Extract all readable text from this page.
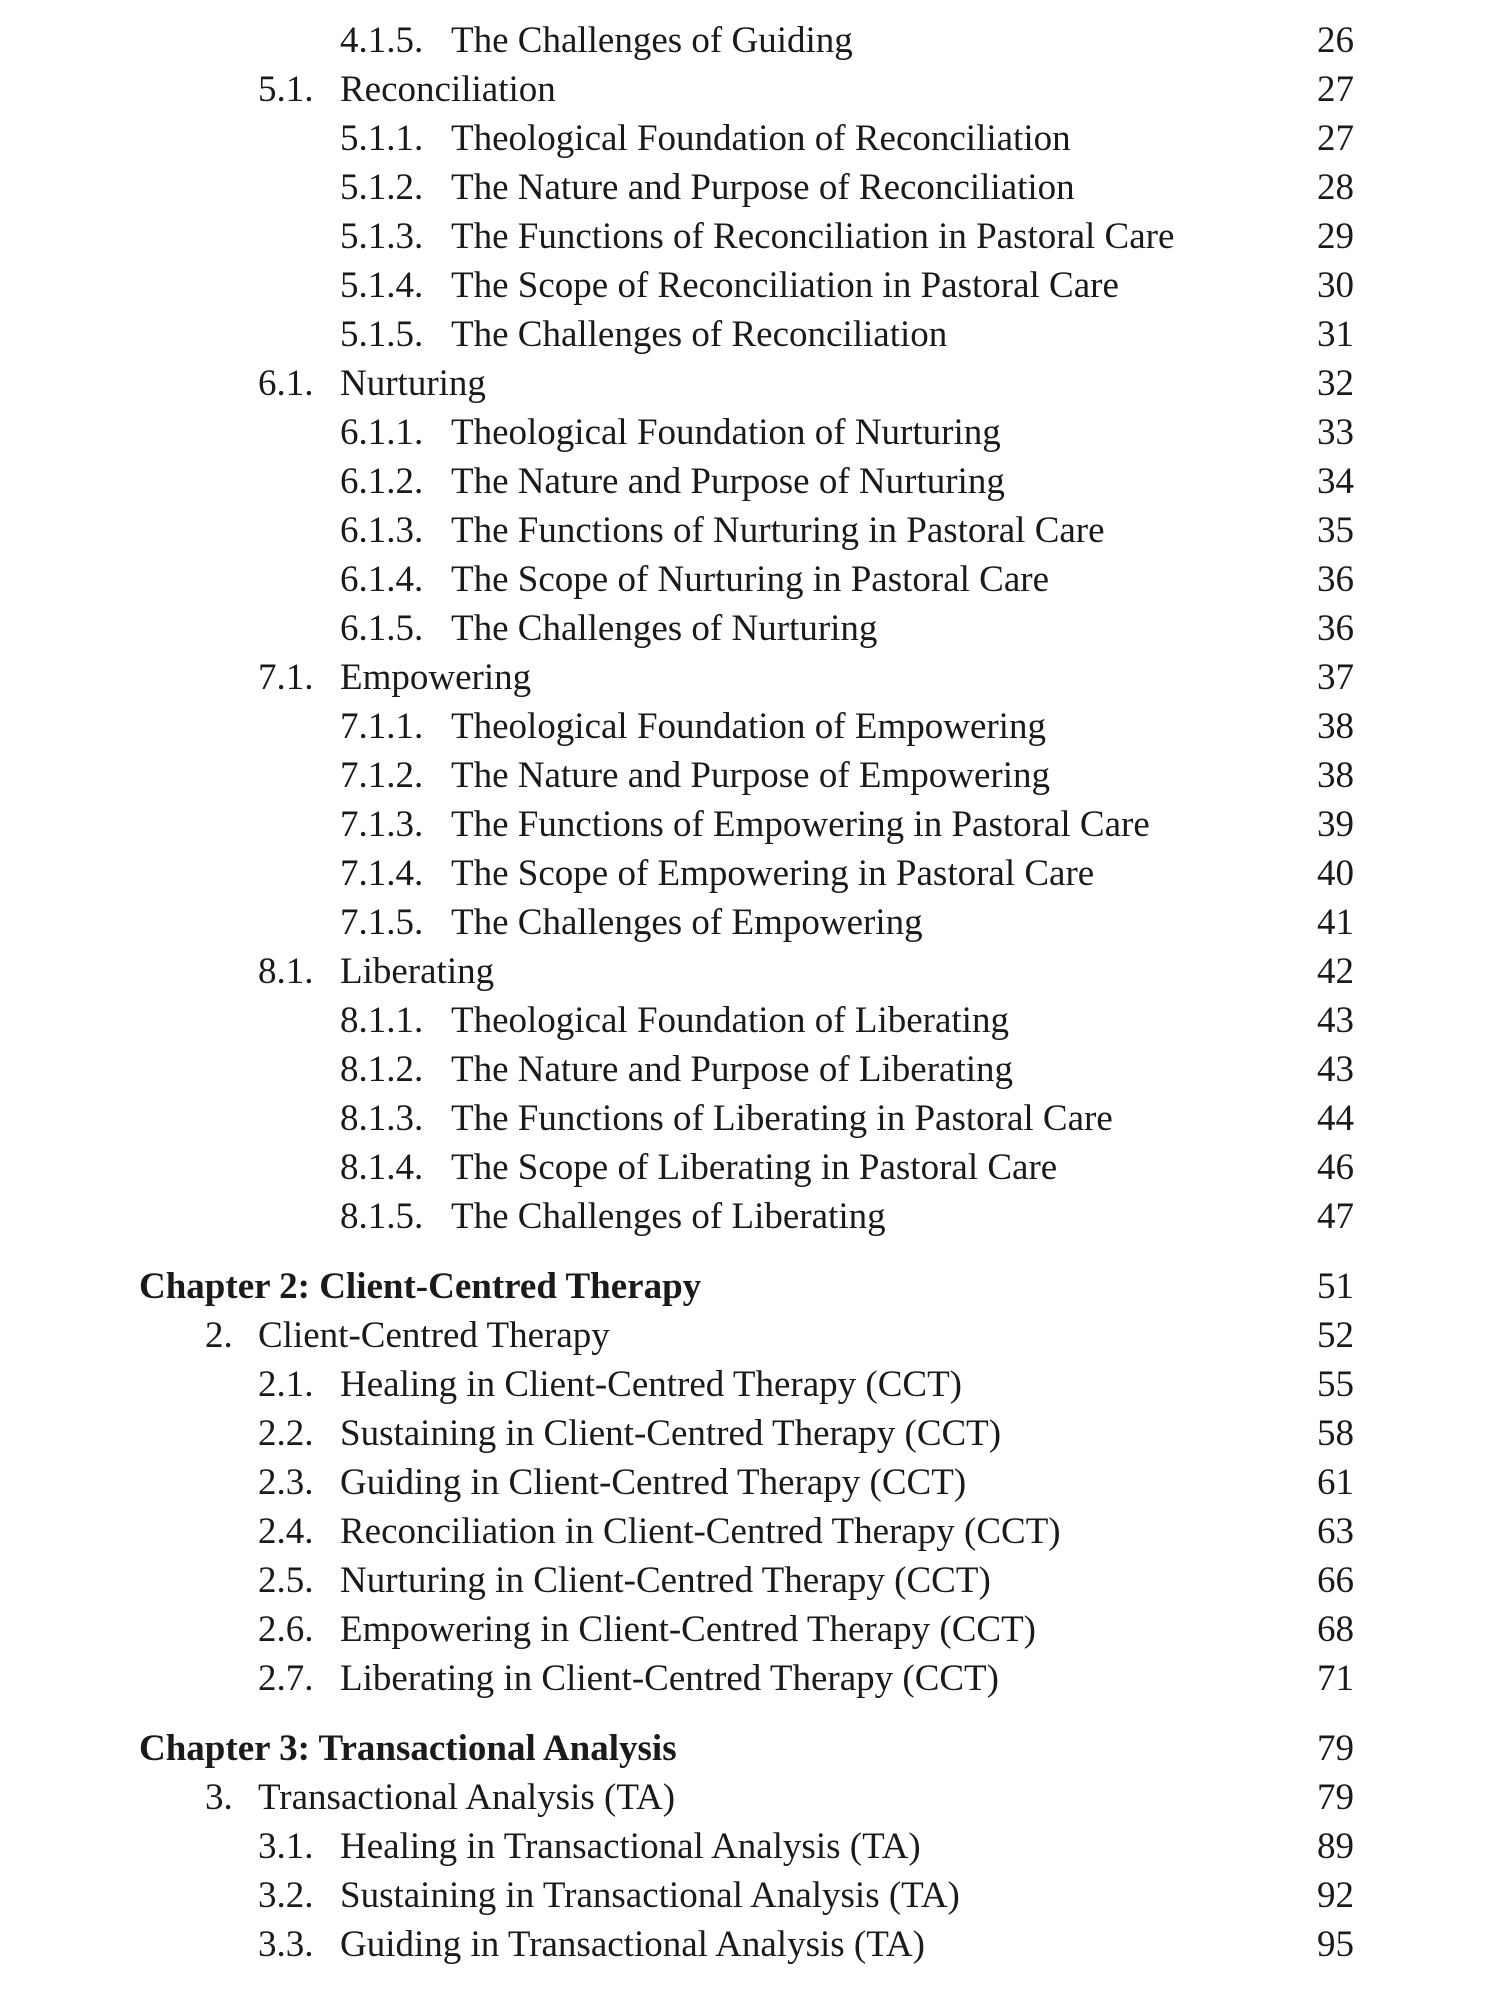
4.1.5. The Challenges of Guiding	26
5.1. Reconciliation	27
5.1.1. Theological Foundation of Reconciliation	27
5.1.2. The Nature and Purpose of Reconciliation	28
5.1.3. The Functions of Reconciliation in Pastoral Care	29
5.1.4. The Scope of Reconciliation in Pastoral Care	30
5.1.5. The Challenges of Reconciliation	31
6.1. Nurturing	32
6.1.1. Theological Foundation of Nurturing	33
6.1.2. The Nature and Purpose of Nurturing	34
6.1.3. The Functions of Nurturing in Pastoral Care	35
6.1.4. The Scope of Nurturing in Pastoral Care	36
6.1.5. The Challenges of Nurturing	36
7.1. Empowering	37
7.1.1. Theological Foundation of Empowering	38
7.1.2. The Nature and Purpose of Empowering	38
7.1.3. The Functions of Empowering in Pastoral Care	39
7.1.4. The Scope of Empowering in Pastoral Care	40
7.1.5. The Challenges of Empowering	41
8.1. Liberating	42
8.1.1. Theological Foundation of Liberating	43
8.1.2. The Nature and Purpose of Liberating	43
8.1.3. The Functions of Liberating in Pastoral Care	44
8.1.4. The Scope of Liberating in Pastoral Care	46
8.1.5. The Challenges of Liberating	47
Chapter 2: Client-Centred Therapy	51
2. Client-Centred Therapy	52
2.1. Healing in Client-Centred Therapy (CCT)	55
2.2. Sustaining in Client-Centred Therapy (CCT)	58
2.3. Guiding in Client-Centred Therapy (CCT)	61
2.4. Reconciliation in Client-Centred Therapy (CCT)	63
2.5. Nurturing in Client-Centred Therapy (CCT)	66
2.6. Empowering in Client-Centred Therapy (CCT)	68
2.7. Liberating in Client-Centred Therapy (CCT)	71
Chapter 3: Transactional Analysis	79
3. Transactional Analysis (TA)	79
3.1. Healing in Transactional Analysis (TA)	89
3.2. Sustaining in Transactional Analysis (TA)	92
3.3. Guiding in Transactional Analysis (TA)	95
